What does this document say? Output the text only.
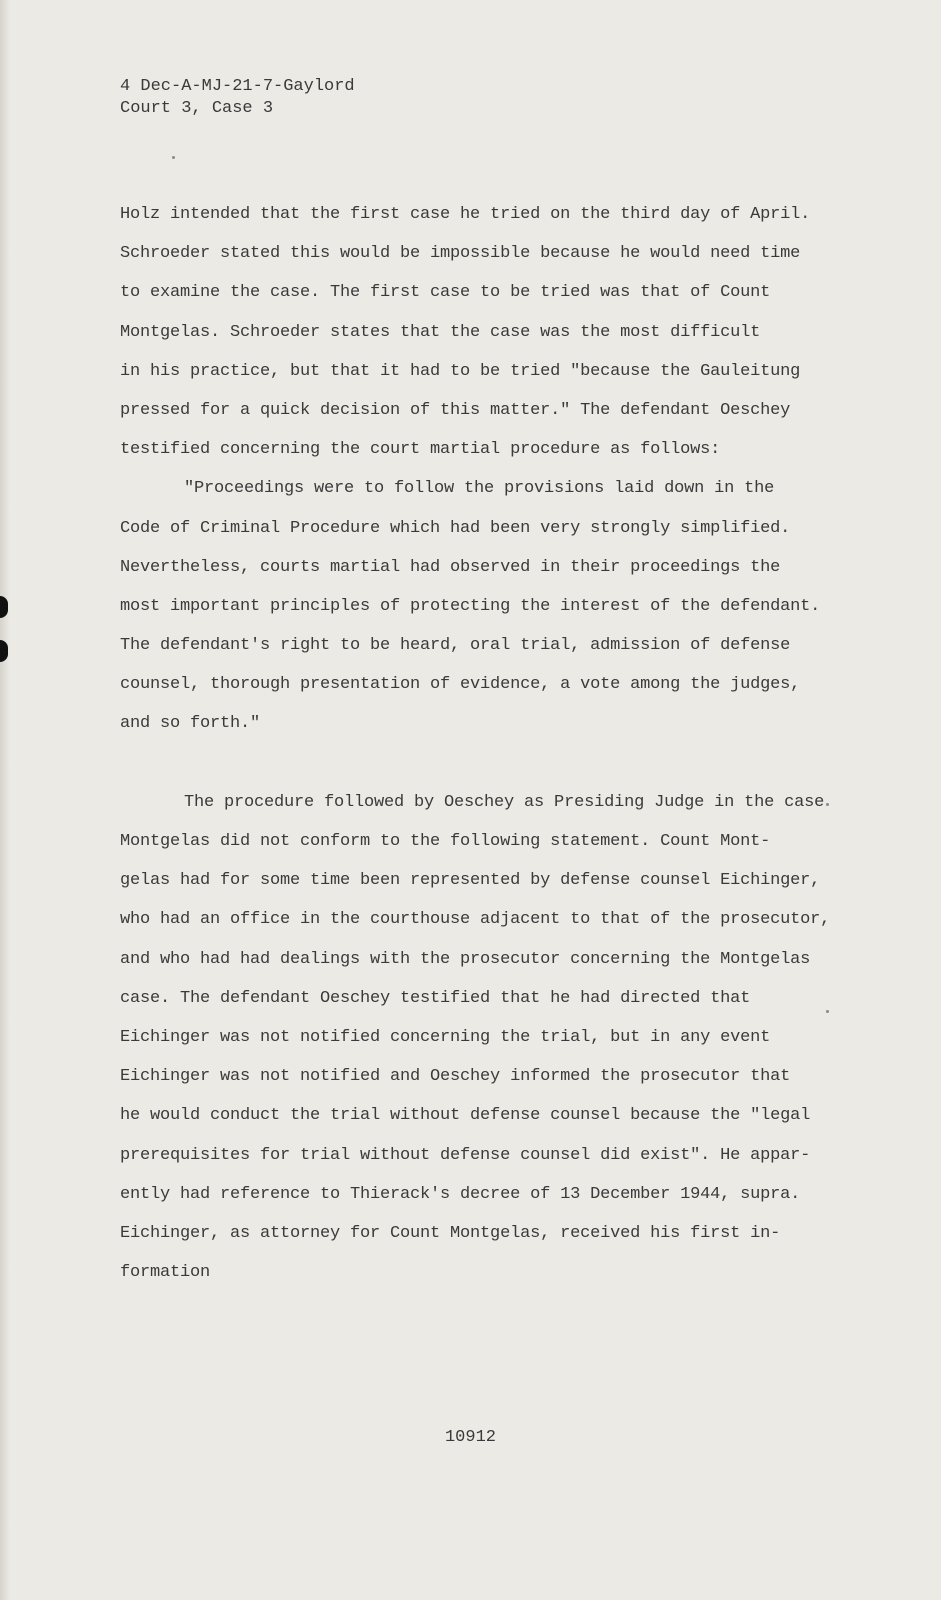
4 Dec-A-MJ-21-7-Gaylord
Court 3, Case 3
Holz intended that the first case he tried on the third day of April.
Schroeder stated this would be impossible because he would need time
to examine the case. The first case to be tried was that of Count
Montgelas. Schroeder states that the case was the most difficult
in his practice, but that it had to be tried "because the Gauleitung
pressed for a quick decision of this matter." The defendant Oeschey
testified concerning the court martial procedure as follows:
"Proceedings were to follow the provisions laid down in the
Code of Criminal Procedure which had been very strongly simplified.
Nevertheless, courts martial had observed in their proceedings the
most important principles of protecting the interest of the defendant.
The defendant's right to be heard, oral trial, admission of defense
counsel, thorough presentation of evidence, a vote among the judges,
and so forth."
The procedure followed by Oeschey as Presiding Judge in the case
Montgelas did not conform to the following statement. Count Mont-
gelas had for some time been represented by defense counsel Eichinger,
who had an office in the courthouse adjacent to that of the prosecutor,
and who had had dealings with the prosecutor concerning the Montgelas
case. The defendant Oeschey testified that he had directed that
Eichinger was not notified concerning the trial, but in any event
Eichinger was not notified and Oeschey informed the prosecutor that
he would conduct the trial without defense counsel because the "legal
prerequisites for trial without defense counsel did exist". He appar-
ently had reference to Thierack's decree of 13 December 1944, supra.
Eichinger, as attorney for Count Montgelas, received his first in-
formation
10912
